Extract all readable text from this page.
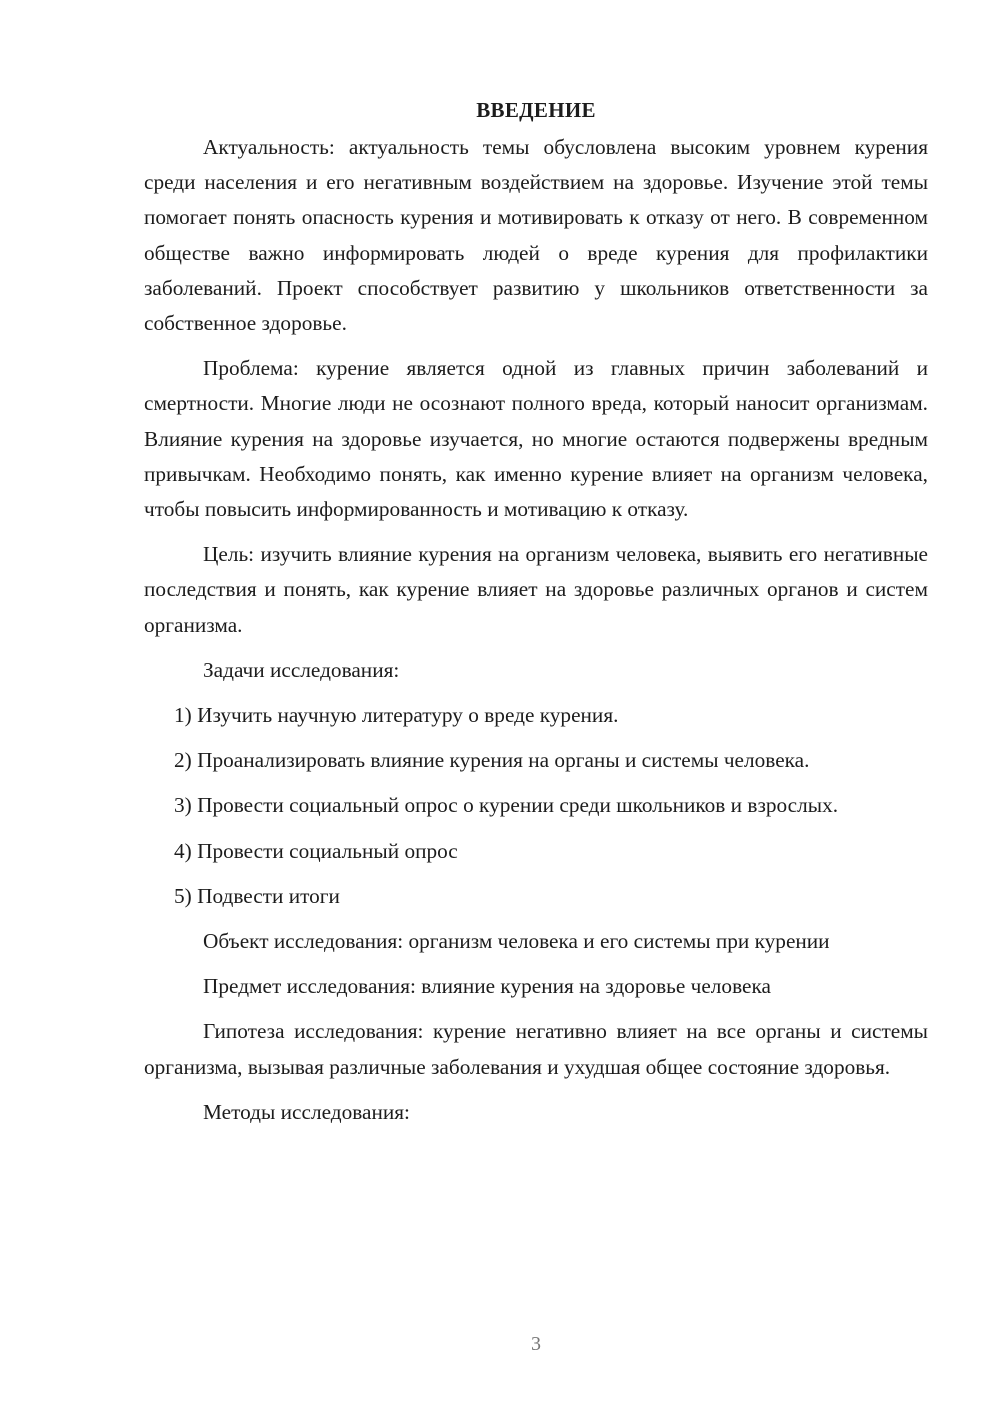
ВВЕДЕНИЕ

Актуальность: актуальность темы обусловлена высоким уровнем курения среди населения и его негативным воздействием на здоровье. Изучение этой темы помогает понять опасность курения и мотивировать к отказу от него. В современном обществе важно информировать людей о вреде курения для профилактики заболеваний. Проект способствует развитию у школьников ответственности за собственное здоровье.

Проблема: курение является одной из главных причин заболеваний и смертности. Многие люди не осознают полного вреда, который наносит организмам. Влияние курения на здоровье изучается, но многие остаются подвержены вредным привычкам. Необходимо понять, как именно курение влияет на организм человека, чтобы повысить информированность и мотивацию к отказу.

Цель: изучить влияние курения на организм человека, выявить его негативные последствия и понять, как курение влияет на здоровье различных органов и систем организма.

Задачи исследования:

1) Изучить научную литературу о вреде курения.

2) Проанализировать влияние курения на органы и системы человека.

3) Провести социальный опрос о курении среди школьников и взрослых.

4) Провести социальный опрос

5) Подвести итоги

Объект исследования: организм человека и его системы при курении

Предмет исследования: влияние курения на здоровье человека

Гипотеза исследования: курение негативно влияет на все органы и системы организма, вызывая различные заболевания и ухудшая общее состояние здоровья.

Методы исследования:

3
